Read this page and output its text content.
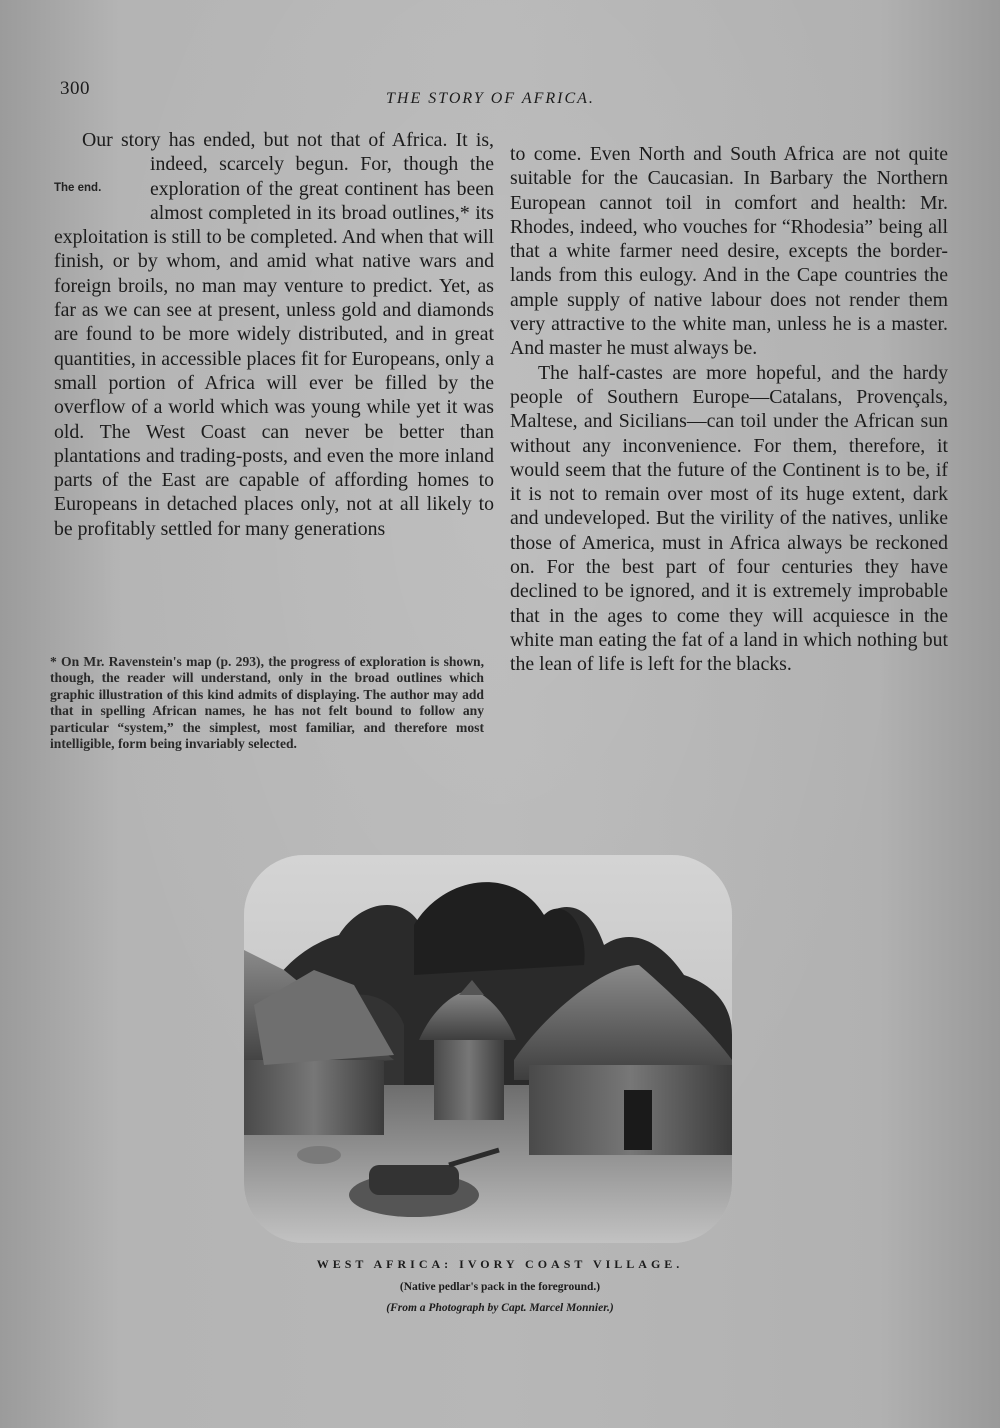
300	THE STORY OF AFRICA.

Our story has ended, but not that of Africa. It is, indeed, scarcely begun. For, though
The end.
the exploration of the great continent has been almost completed in its broad outlines,* its exploitation is still to be completed. And when that will finish, or by whom, and amid what native wars and foreign broils, no man may venture to predict. Yet, as far as we can see at present, unless gold and diamonds are found to be more widely distributed, and in great quantities, in accessible places fit for Europeans, only a small portion of Africa will ever be filled by the overflow of a world which was young while yet it was old. The West Coast can never be better than plantations and trading-posts, and even the more inland parts of the East are capable of affording homes to Europeans in detached places only, not at all likely to be profitably settled for many generations

* On Mr. Ravenstein's map (p. 293), the progress of exploration is shown, though, the reader will understand, only in the broad outlines which graphic illustration of this kind admits of displaying. The author may add that in spelling African names, he has not felt bound to follow any particular “system,” the simplest, most familiar, and therefore most intelligible, form being invariably selected.

to come. Even North and South Africa are not quite suitable for the Caucasian. In Barbary the Northern European cannot toil in comfort and health: Mr. Rhodes, indeed, who vouches for “Rhodesia” being all that a white farmer need desire, excepts the border-lands from this eulogy. And in the Cape countries the ample supply of native labour does not render them very attractive to the white man, unless he is a master. And master he must always be.

The half-castes are more hopeful, and the hardy people of Southern Europe—Catalans, Provençals, Maltese, and Sicilians—can toil under the African sun without any inconvenience. For them, therefore, it would seem that the future of the Continent is to be, if it is not to remain over most of its huge extent, dark and undeveloped. But the virility of the natives, unlike those of America, must in Africa always be reckoned on. For the best part of four centuries they have declined to be ignored, and it is extremely improbable that in the ages to come they will acquiesce in the white man eating the fat of a land in which nothing but the lean of life is left for the blacks.

WEST AFRICA: IVORY COAST VILLAGE.
(Native pedlar's pack in the foreground.)
(From a Photograph by Capt. Marcel Monnier.)
